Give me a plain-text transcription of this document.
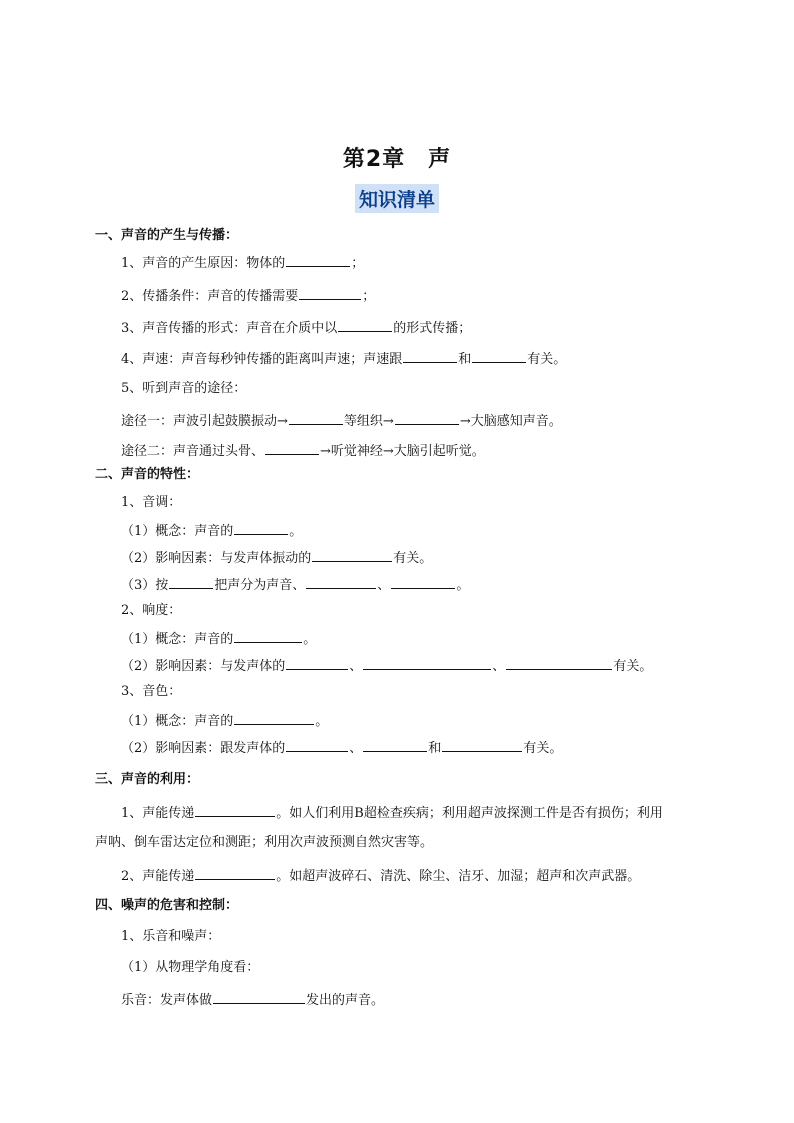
第2章　声
知识清单
一、声音的产生与传播：
1、声音的产生原因：物体的	；
2、传播条件：声音的传播需要	；
3、声音传播的形式：声音在介质中以	的形式传播；
4、声速：声音每秒钟传播的距离叫声速；声速跟	和	有关。
5、听到声音的途径：
途径一：声波引起鼓膜振动→	等组织→	→大脑感知声音。
途径二：声音通过头骨、	→听觉神经→大脑引起听觉。
二、声音的特性：
1、音调：
（1）概念：声音的	。
（2）影响因素：与发声体振动的	有关。
（3）按	把声分为声音、	、	。
2、响度：
（1）概念：声音的	。
（2）影响因素：与发声体的	、	、	有关。
3、音色：
（1）概念：声音的	。
（2）影响因素：跟发声体的	、	和	有关。
三、声音的利用：
1、声能传递	。如人们利用B超检查疾病；利用超声波探测工件是否有损伤；利用
声呐、倒车雷达定位和测距；利用次声波预测自然灾害等。
2、声能传递	。如超声波碎石、清洗、除尘、洁牙、加湿；超声和次声武器。
四、噪声的危害和控制：
1、乐音和噪声：
（1）从物理学角度看：
乐音：发声体做	发出的声音。
